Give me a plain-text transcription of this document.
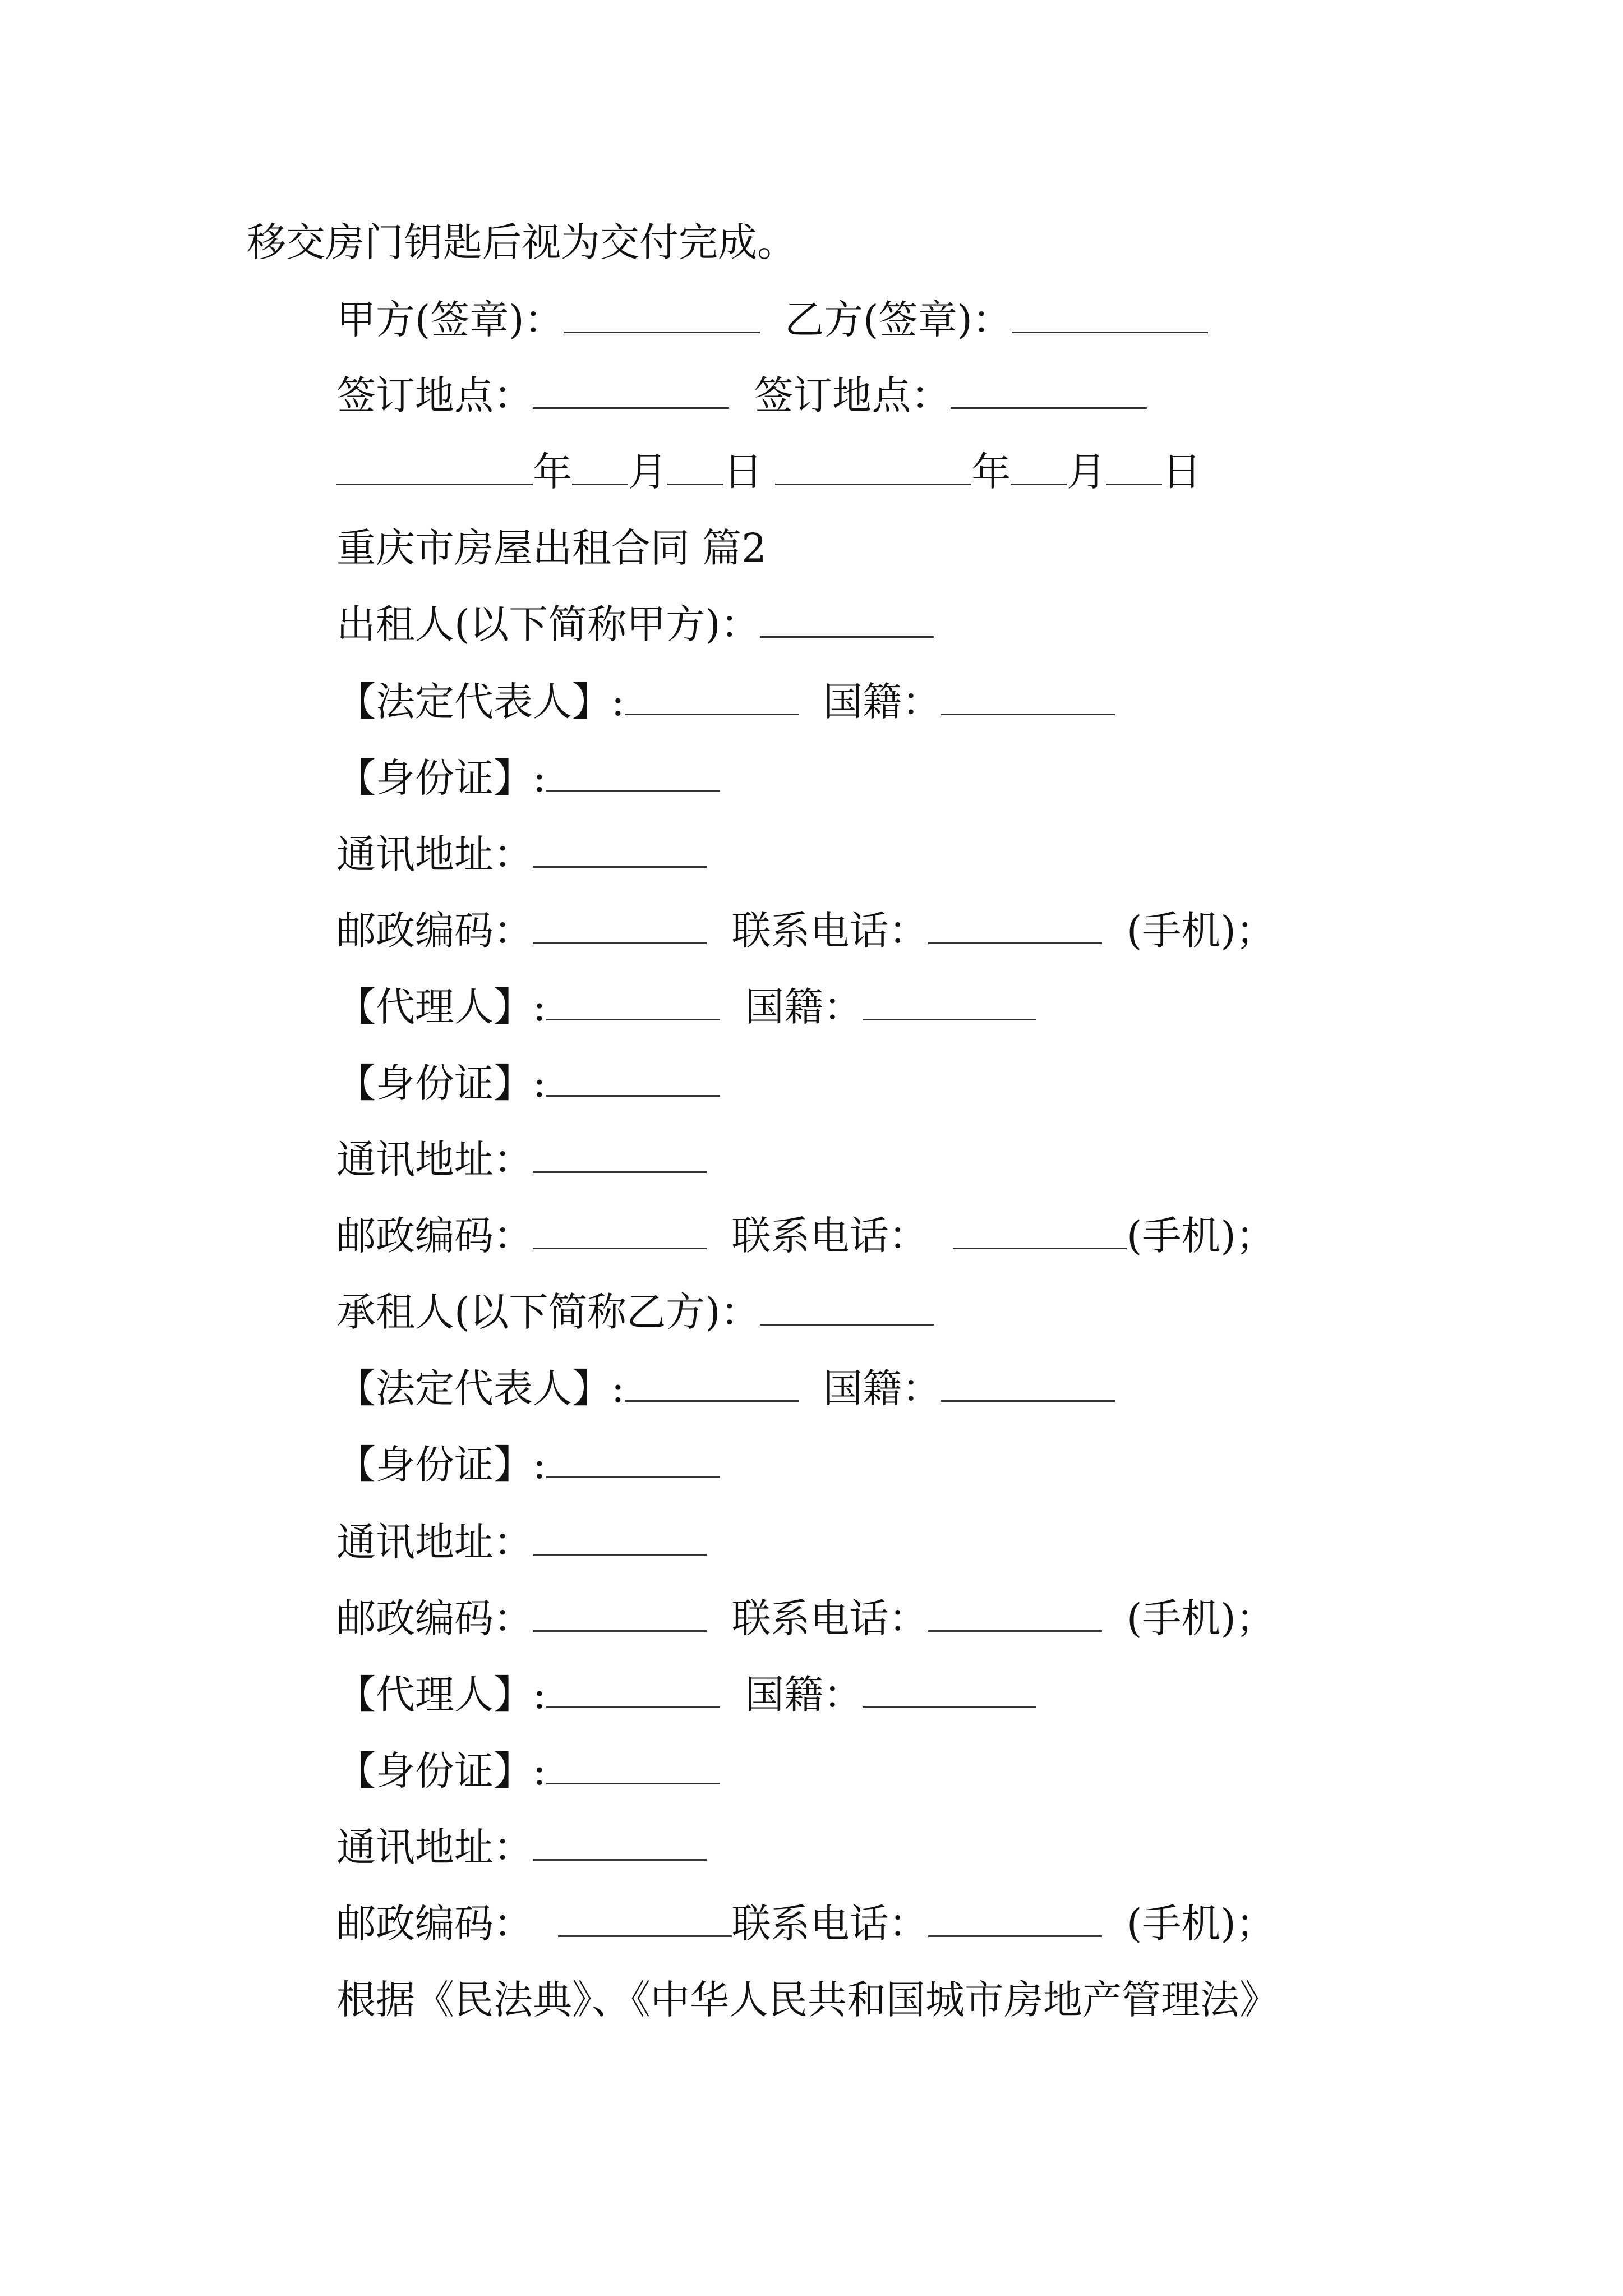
移交房门钥匙后视为交付完成。
甲方(签章)：	乙方(签章)：
签订地点：	签订地点：
年 月 日	年 月 日
重庆市房屋出租合同 篇2
出租人(以下简称甲方)：
【法定代表人】:	国籍：
【身份证】:
通讯地址：
邮政编码：	联系电话：	(手机)；
【代理人】:	国籍：
【身份证】:
通讯地址：
邮政编码：	联系电话：	(手机)；
承租人(以下简称乙方)：
【法定代表人】:	国籍：
【身份证】:
通讯地址：
邮政编码：	联系电话：	(手机)；
【代理人】:	国籍：
【身份证】:
通讯地址：
邮政编码：	联系电话：	(手机)；
根据《民法典》、《中华人民共和国城市房地产管理法》
